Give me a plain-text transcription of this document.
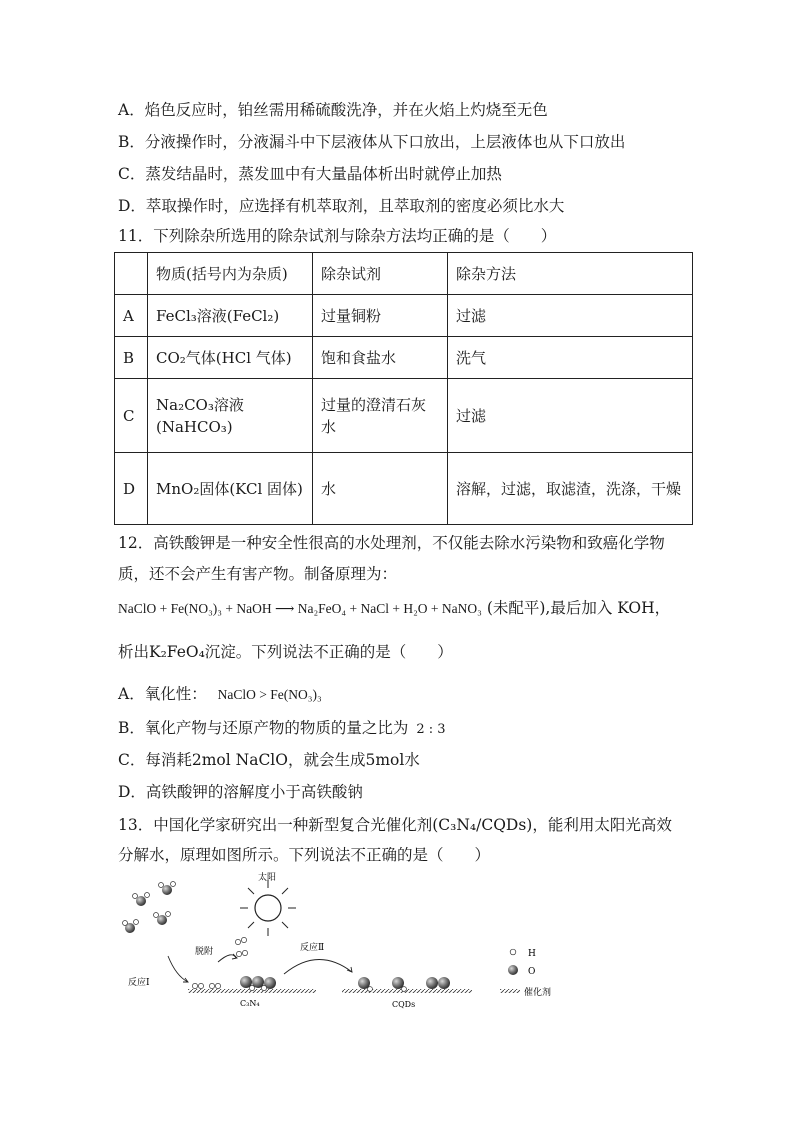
A．焰色反应时，铂丝需用稀硫酸洗净，并在火焰上灼烧至无色
B．分液操作时，分液漏斗中下层液体从下口放出，上层液体也从下口放出
C．蒸发结晶时，蒸发皿中有大量晶体析出时就停止加热
D．萃取操作时，应选择有机萃取剂，且萃取剂的密度必须比水大
11．下列除杂所选用的除杂试剂与除杂方法均正确的是（　　）
	物质(括号内为杂质)	除杂试剂	除杂方法
A	FeCl₃溶液(FeCl₂)	过量铜粉	过滤
B	CO₂气体(HCl 气体)	饱和食盐水	洗气
C	Na₂CO₃溶液(NaHCO₃)	过量的澄清石灰水	过滤
D	MnO₂固体(KCl 固体)	水	溶解，过滤，取滤渣，洗涤，干燥
12．高铁酸钾是一种安全性很高的水处理剂，不仅能去除水污染物和致癌化学物
质，还不会产生有害产物。制备原理为：
NaClO + Fe(NO₃)₃ + NaOH ⟶ Na₂FeO₄ + NaCl + H₂O + NaNO₃ (未配平),最后加入 KOH，
析出K₂FeO₄沉淀。下列说法不正确的是（　　）
A．氧化性： NaClO > Fe(NO₃)₃
B．氧化产物与还原产物的物质的量之比为 2 : 3
C．每消耗2mol NaClO，就会生成5mol水
D．高铁酸钾的溶解度小于高铁酸钠
13．中国化学家研究出一种新型复合光催化剂(C₃N₄/CQDs)，能利用太阳光高效
分解水，原理如图所示。下列说法不正确的是（　　）
太阳
脱附
反应Ⅰ
C₃N₄
反应Ⅱ
CQDs
H
O
催化剂
